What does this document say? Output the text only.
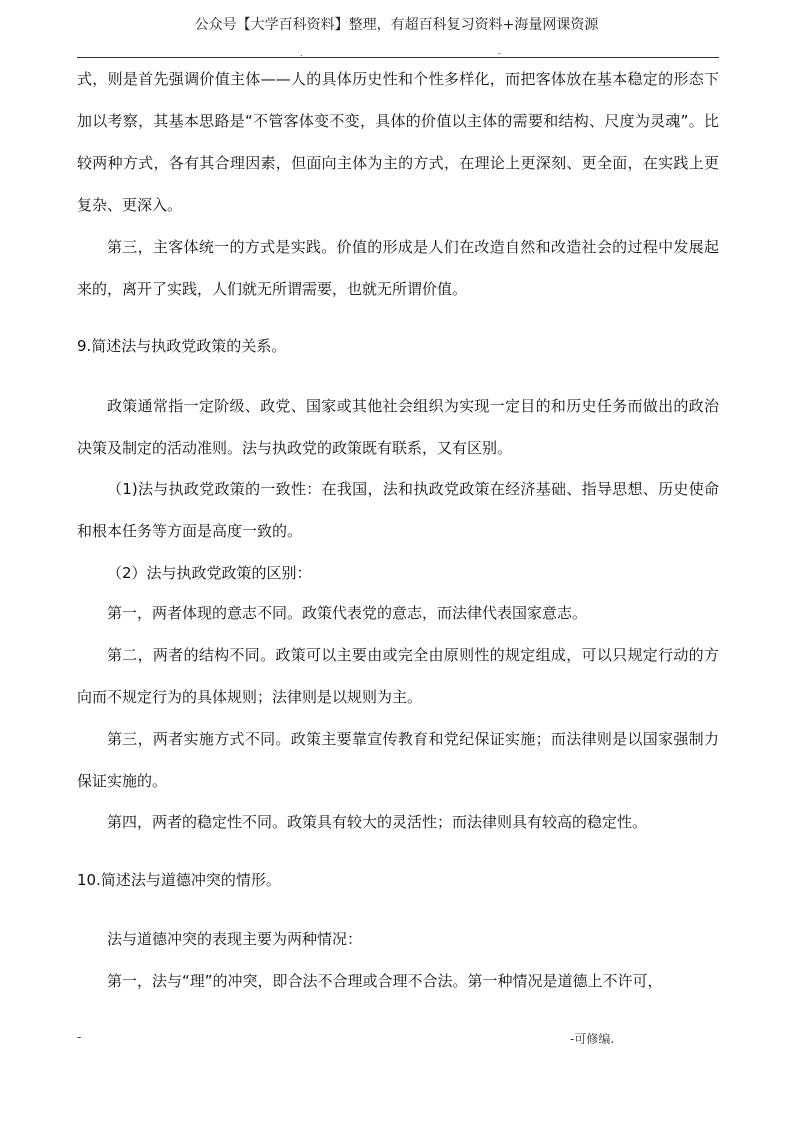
公众号【大学百科资料】整理，有超百科复习资料+海量网课资源
.	-

式，则是首先强调价值主体——人的具体历史性和个性多样化，而把客体放在基本稳定的形态下加以考察，其基本思路是“不管客体变不变，具体的价值以主体的需要和结构、尺度为灵魂”。比较两种方式，各有其合理因素，但面向主体为主的方式，在理论上更深刻、更全面，在实践上更复杂、更深入。

第三，主客体统一的方式是实践。价值的形成是人们在改造自然和改造社会的过程中发展起来的，离开了实践，人们就无所谓需要，也就无所谓价值。

9.简述法与执政党政策的关系。

政策通常指一定阶级、政党、国家或其他社会组织为实现一定目的和历史任务而做出的政治决策及制定的活动准则。法与执政党的政策既有联系，又有区别。

（1)法与执政党政策的一致性：在我国，法和执政党政策在经济基础、指导思想、历史使命和根本任务等方面是高度一致的。

（2）法与执政党政策的区别：

第一，两者体现的意志不同。政策代表党的意志，而法律代表国家意志。

第二，两者的结构不同。政策可以主要由或完全由原则性的规定组成，可以只规定行动的方向而不规定行为的具体规则；法律则是以规则为主。

第三，两者实施方式不同。政策主要靠宣传教育和党纪保证实施；而法律则是以国家强制力保证实施的。

第四，两者的稳定性不同。政策具有较大的灵活性；而法律则具有较高的稳定性。

10.简述法与道德冲突的情形。

法与道德冲突的表现主要为两种情况：

第一，法与“理”的冲突，即合法不合理或合理不合法。第一种情况是道德上不许可，

-	-可修编.
